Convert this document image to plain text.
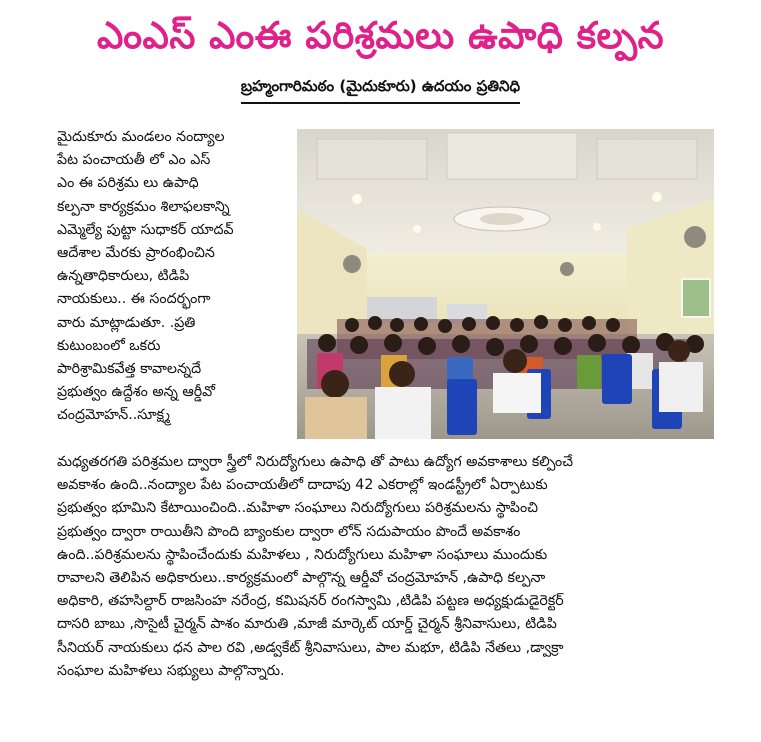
ఎంఎస్ ఎంఈ పరిశ్రమలు ఉపాధి కల్పన
బ్రహ్మంగారిమఠం (మైదుకూరు) ఉదయం ప్రతినిధి
మైదుకూరు మండలం నంద్యాల
పేట పంచాయతీ లో ఎం ఎస్
ఎం ఈ పరిశ్రమ లు ఉపాధి
కల్పనా కార్యక్రమం శిలాఫలకాన్ని
ఎమ్మెల్యే పుట్టా సుధాకర్ యాదవ్
ఆదేశాల మేరకు ప్రారంభించిన
ఉన్నతాధికారులు, టిడిపి
నాయకులు.. ఈ సందర్భంగా
వారు మాట్లాడుతూ. .ప్రతి
కుటుంబంలో ఒకరు
పారిశ్రామికవేత్త కావాలన్నదే
ప్రభుత్వం ఉద్దేశం అన్న ఆర్డీవో
చంద్రమోహన్..సూక్ష్మ
మధ్యతరగతి పరిశ్రమల ద్వారా స్త్రీలో నిరుద్యోగులు ఉపాధి తో పాటు ఉద్యోగ అవకాశాలు కల్పించే
అవకాశం ఉంది..నంద్యాల పేట పంచాయతీలో దాదాపు 42 ఎకరాల్లో ఇండస్ట్రీలో ఏర్పాటుకు
ప్రభుత్వం భూమిని కేటాయించింది..మహిళా సంఘాలు నిరుద్యోగులు పరిశ్రమలను స్థాపించి
ప్రభుత్వం ద్వారా రాయితీని పొంది బ్యాంకుల ద్వారా లోన్ సదుపాయం పొందే అవకాశం
ఉంది..పరిశ్రమలను స్థాపించేందుకు మహిళలు , నిరుద్యోగులు మహిళా సంఘాలు ముందుకు
రావాలని తెలిపిన అధికారులు..కార్యక్రమంలో పాల్గొన్న ఆర్డీవో చంద్రమోహన్ ,ఉపాధి కల్పనా
అధికారి, తహసిల్దార్ రాజసింహ నరేంద్ర, కమిషనర్ రంగస్వామి ,టిడిపి పట్టణ అధ్యక్షుడుడైరెక్టర్
దాసరి బాబు ,సొసైటీ చైర్మన్ పాశం మారుతి ,మాజీ మార్కెట్ యార్డ్ చైర్మన్ శ్రీనివాసులు, టిడిపి
సీనియర్ నాయకులు ధన పాల రవి ,అడ్వకేట్ శ్రీనివాసులు, పాల మభూ, టిడిపి నేతలు ,డ్వాక్రా
సంఘాల మహిళలు సభ్యులు పాల్గొన్నారు.
